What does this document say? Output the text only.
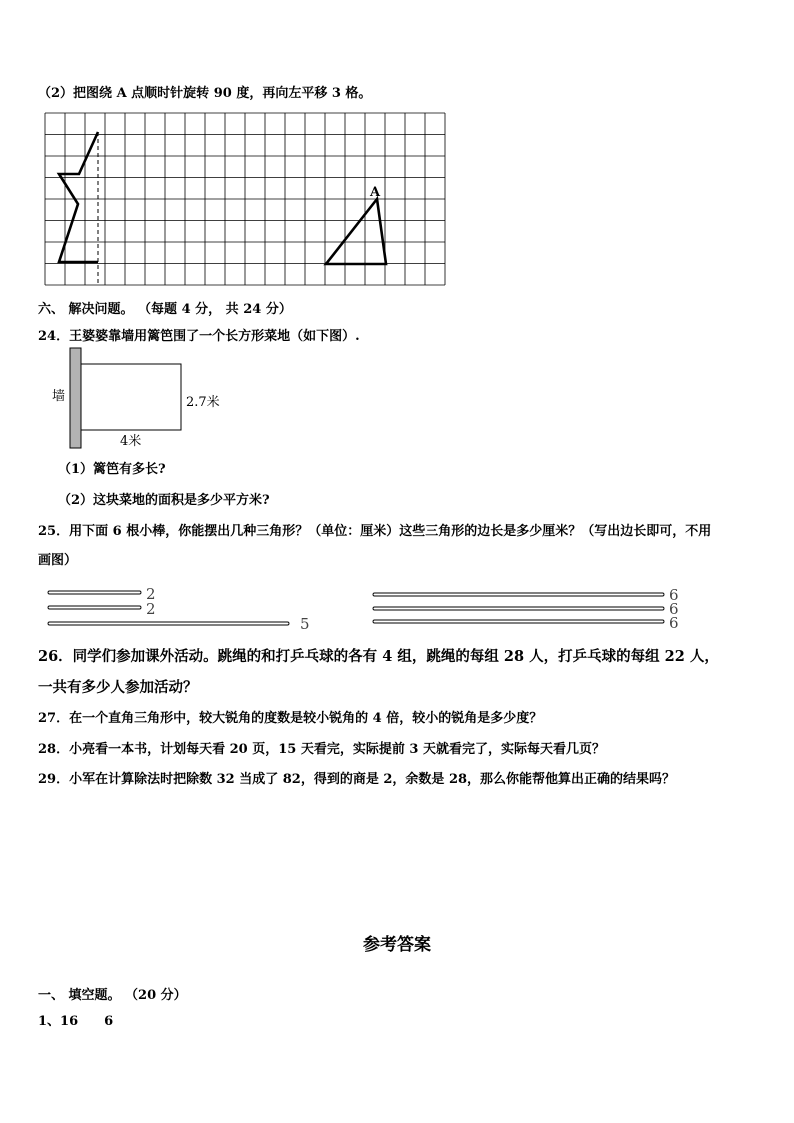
（2）把图绕 A 点顺时针旋转 90 度，再向左平移 3 格。
A
六、 解决问题。 （每题 4 分， 共 24 分）
24．王婆婆靠墙用篱笆围了一个长方形菜地（如下图）.
墙	2.7米
4米
（1）篱笆有多长?
（2）这块菜地的面积是多少平方米?
25．用下面 6 根小棒，你能摆出几种三角形？（单位：厘米）这些三角形的边长是多少厘米？（写出边长即可，不用
画图）
2
2
5
6
6
6
26．同学们参加课外活动。跳绳的和打乒乓球的各有 4 组，跳绳的每组 28 人，打乒乓球的每组 22 人，
一共有多少人参加活动？
27．在一个直角三角形中，较大锐角的度数是较小锐角的 4 倍，较小的锐角是多少度？
28．小亮看一本书，计划每天看 20 页，15 天看完，实际提前 3 天就看完了，实际每天看几页？
29．小军在计算除法时把除数 32 当成了 82，得到的商是 2，余数是 28，那么你能帮他算出正确的结果吗？
参考答案
一、 填空题。 （20 分）
1、16　　6
